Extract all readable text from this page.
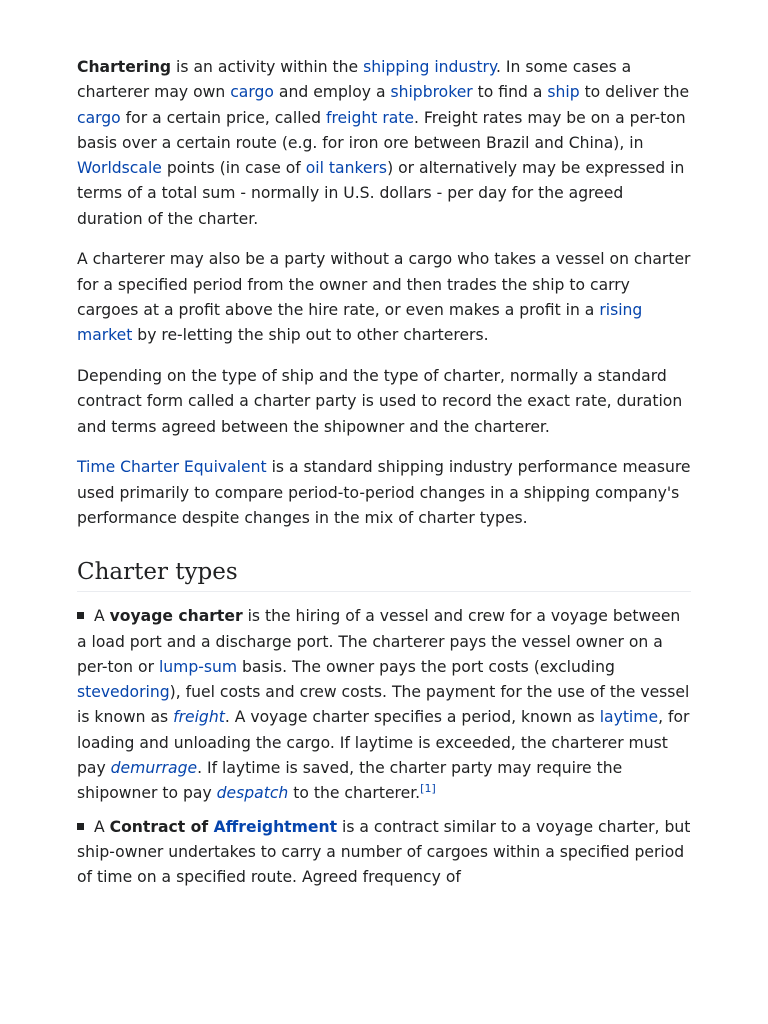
Chartering is an activity within the shipping industry. In some cases a charterer may own cargo and employ a shipbroker to find a ship to deliver the cargo for a certain price, called freight rate. Freight rates may be on a per-ton basis over a certain route (e.g. for iron ore between Brazil and China), in Worldscale points (in case of oil tankers) or alternatively may be expressed in terms of a total sum - normally in U.S. dollars - per day for the agreed duration of the charter.

A charterer may also be a party without a cargo who takes a vessel on charter for a specified period from the owner and then trades the ship to carry cargoes at a profit above the hire rate, or even makes a profit in a rising market by re-letting the ship out to other charterers.

Depending on the type of ship and the type of charter, normally a standard contract form called a charter party is used to record the exact rate, duration and terms agreed between the shipowner and the charterer.

Time Charter Equivalent is a standard shipping industry performance measure used primarily to compare period-to-period changes in a shipping company's performance despite changes in the mix of charter types.

Charter types
A voyage charter is the hiring of a vessel and crew for a voyage between a load port and a discharge port. The charterer pays the vessel owner on a per-ton or lump-sum basis. The owner pays the port costs (excluding stevedoring), fuel costs and crew costs. The payment for the use of the vessel is known as freight. A voyage charter specifies a period, known as laytime, for loading and unloading the cargo. If laytime is exceeded, the charterer must pay demurrage. If laytime is saved, the charter party may require the shipowner to pay despatch to the charterer.[1]
A Contract of Affreightment is a contract similar to a voyage charter, but ship-owner undertakes to carry a number of cargoes within a specified period of time on a specified route. Agreed frequency of
